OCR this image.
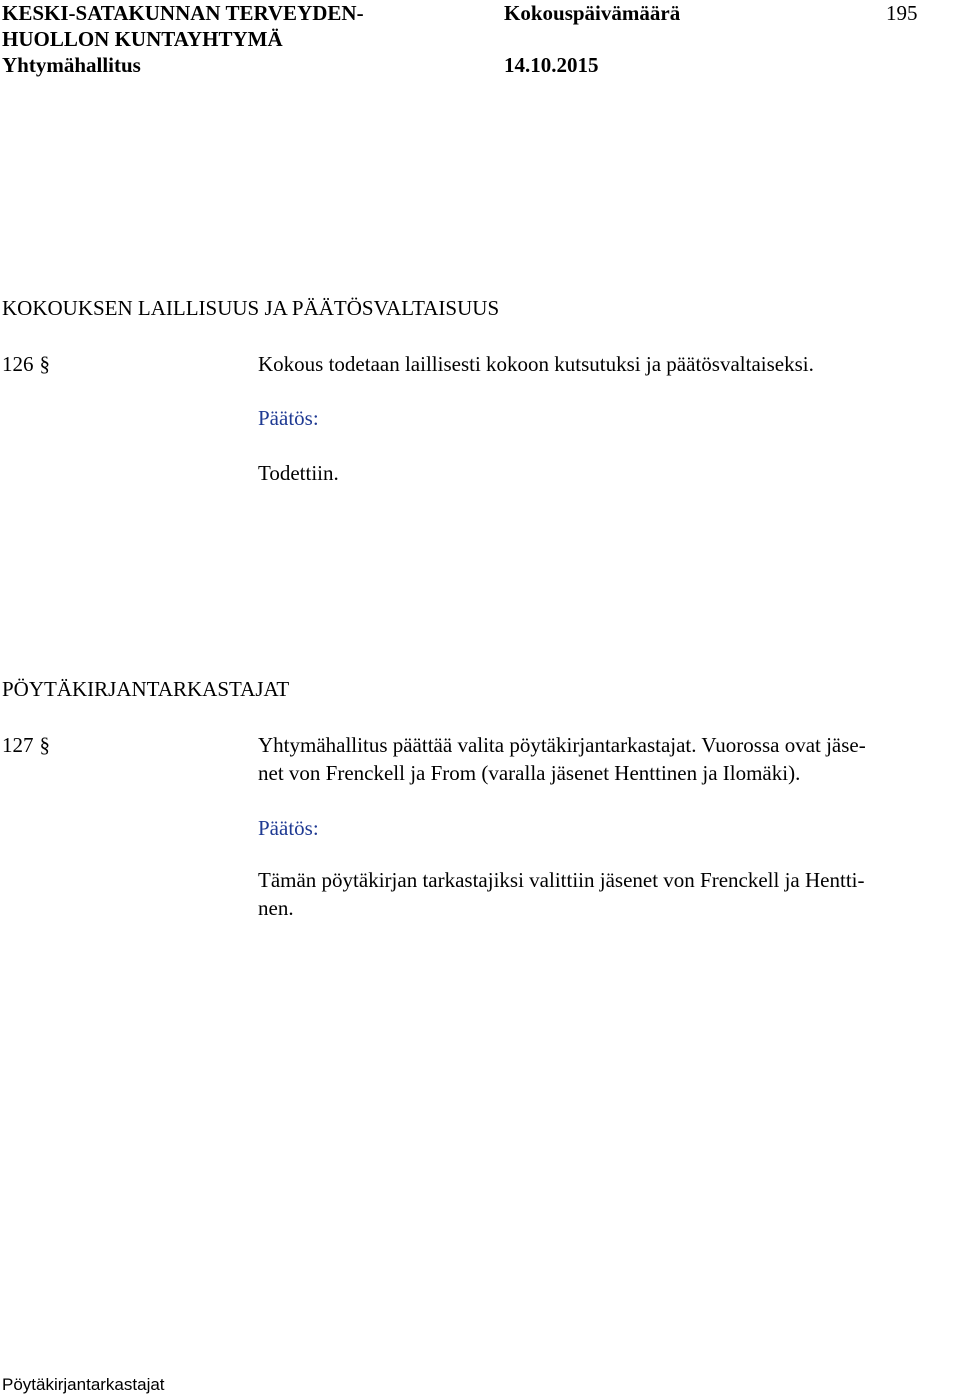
KESKI-SATAKUNNAN TERVEYDEN-
HUOLLON KUNTAYHTYMÄ
Kokouspäivämäärä	195
Yhtymähallitus	14.10.2015
KOKOUKSEN LAILLISUUS JA PÄÄTÖSVALTAISUUS
126 §	Kokous todetaan laillisesti kokoon kutsutuksi ja päätösvaltaiseksi.
Päätös:
Todettiin.
PÖYTÄKIRJANTARKASTAJAT
127 §	Yhtymähallitus päättää valita pöytäkirjantarkastajat. Vuorossa ovat jäse-
net von Frenckell ja From (varalla jäsenet Henttinen ja Ilomäki).
Päätös:
Tämän pöytäkirjan tarkastajiksi valittiin jäsenet von Frenckell ja Hentti-
nen.
Pöytäkirjantarkastajat
